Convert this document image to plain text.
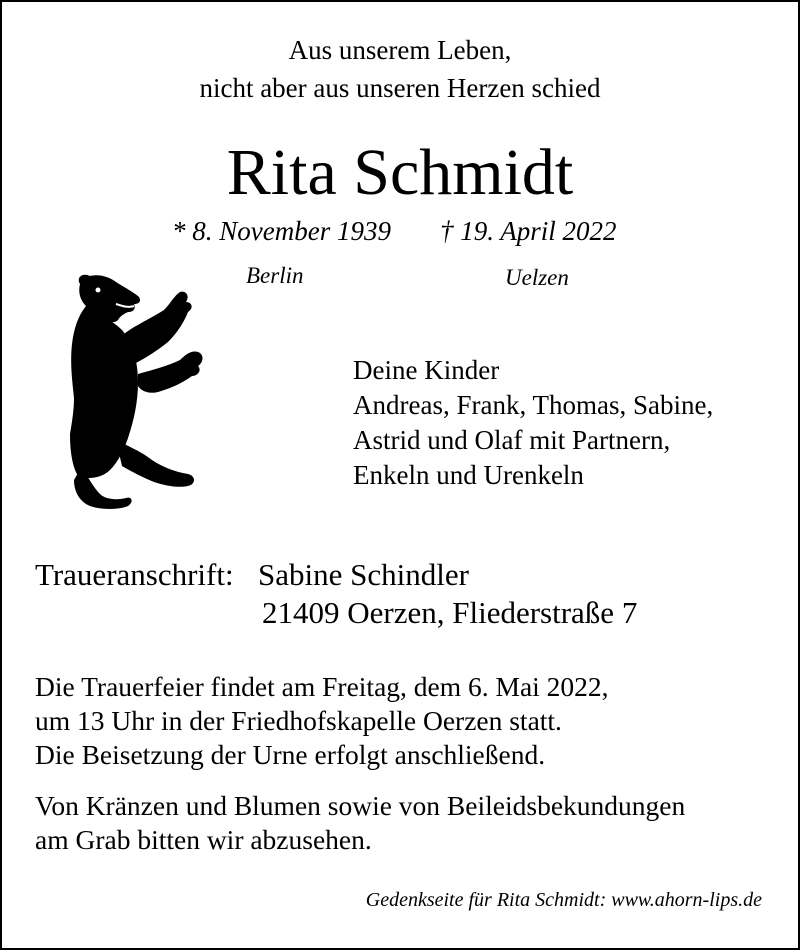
Aus unserem Leben,
nicht aber aus unseren Herzen schied
Rita Schmidt
* 8. November 1939 † 19. April 2022
Berlin	Uelzen
Deine Kinder
Andreas, Frank, Thomas, Sabine,
Astrid und Olaf mit Partnern,
Enkeln und Urenkeln
Traueranschrift: Sabine Schindler
21409 Oerzen, Fliederstraße 7
Die Trauerfeier findet am Freitag, dem 6. Mai 2022,
um 13 Uhr in der Friedhofskapelle Oerzen statt.
Die Beisetzung der Urne erfolgt anschließend.
Von Kränzen und Blumen sowie von Beileidsbekundungen
am Grab bitten wir abzusehen.
Gedenkseite für Rita Schmidt: www.ahorn-lips.de
